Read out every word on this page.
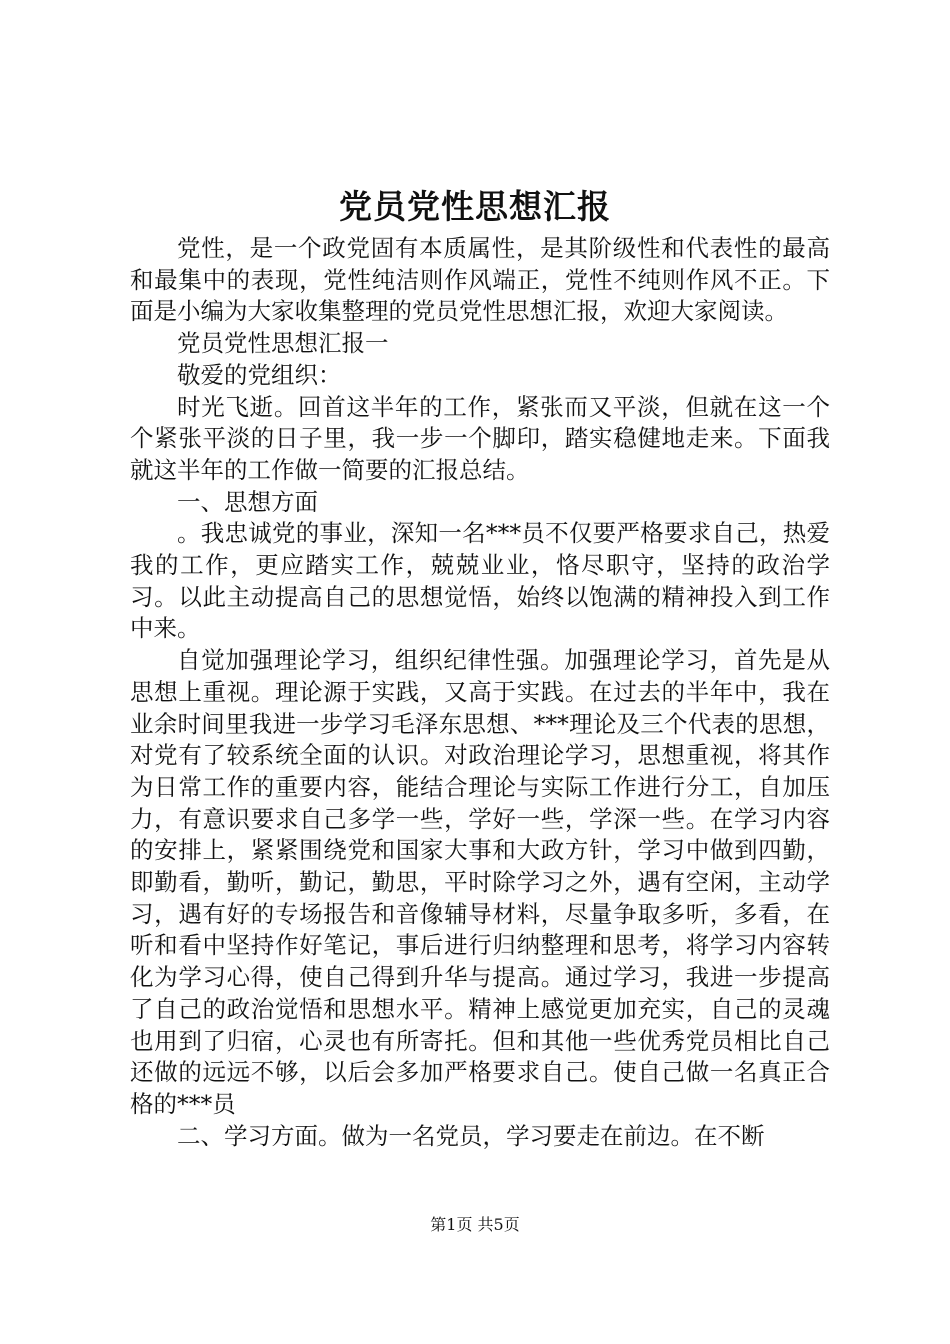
党员党性思想汇报

党性，是一个政党固有本质属性，是其阶级性和代表性的最高和最集中的表现，党性纯洁则作风端正，党性不纯则作风不正。下面是小编为大家收集整理的党员党性思想汇报，欢迎大家阅读。

党员党性思想汇报一

敬爱的党组织：

时光飞逝。回首这半年的工作，紧张而又平淡，但就在这一个个紧张平淡的日子里，我一步一个脚印，踏实稳健地走来。下面我就这半年的工作做一简要的汇报总结。

一、思想方面

。我忠诚党的事业，深知一名***员不仅要严格要求自己，热爱我的工作，更应踏实工作，兢兢业业，恪尽职守，坚持的政治学习。以此主动提高自己的思想觉悟，始终以饱满的精神投入到工作中来。

自觉加强理论学习，组织纪律性强。加强理论学习，首先是从思想上重视。理论源于实践，又高于实践。在过去的半年中，我在业余时间里我进一步学习毛泽东思想、***理论及三个代表的思想，对党有了较系统全面的认识。对政治理论学习，思想重视，将其作为日常工作的重要内容，能结合理论与实际工作进行分工，自加压力，有意识要求自己多学一些，学好一些，学深一些。在学习内容的安排上，紧紧围绕党和国家大事和大政方针，学习中做到四勤，即勤看，勤听，勤记，勤思，平时除学习之外，遇有空闲，主动学习，遇有好的专场报告和音像辅导材料，尽量争取多听，多看，在听和看中坚持作好笔记，事后进行归纳整理和思考，将学习内容转化为学习心得，使自己得到升华与提高。通过学习，我进一步提高了自己的政治觉悟和思想水平。精神上感觉更加充实，自己的灵魂也用到了归宿，心灵也有所寄托。但和其他一些优秀党员相比自己还做的远远不够，以后会多加严格要求自己。使自己做一名真正合格的***员

二、学习方面。做为一名党员，学习要走在前边。在不断

第1页 共5页
